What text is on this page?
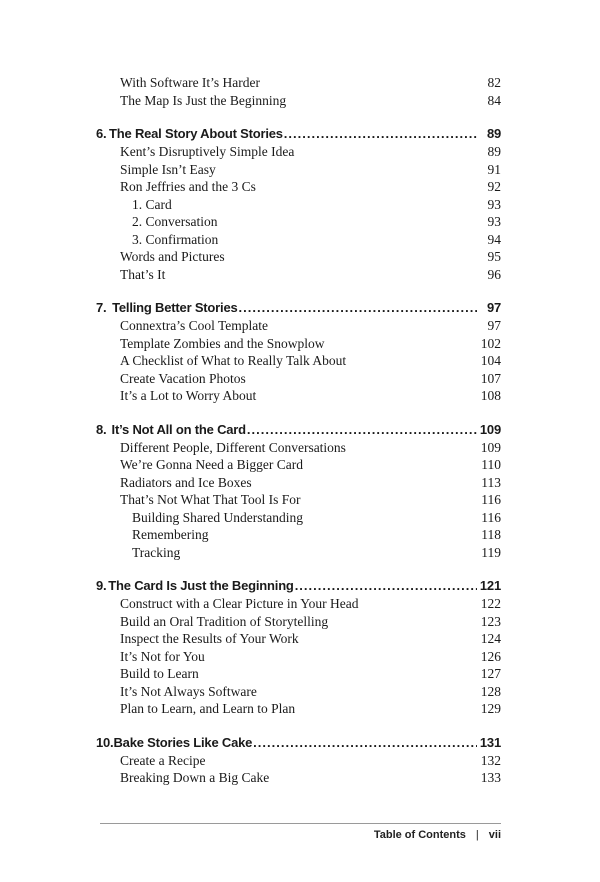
With Software It’s Harder	82
The Map Is Just the Beginning	84
6. The Real Story About Stories . . .	89
Kent’s Disruptively Simple Idea	89
Simple Isn’t Easy	91
Ron Jeffries and the 3 Cs	92
1. Card	93
2. Conversation	93
3. Confirmation	94
Words and Pictures	95
That’s It	96
7. Telling Better Stories . . .	97
Connextra’s Cool Template	97
Template Zombies and the Snowplow	102
A Checklist of What to Really Talk About	104
Create Vacation Photos	107
It’s a Lot to Worry About	108
8. It’s Not All on the Card . . .	109
Different People, Different Conversations	109
We’re Gonna Need a Bigger Card	110
Radiators and Ice Boxes	113
That’s Not What That Tool Is For	116
Building Shared Understanding	116
Remembering	118
Tracking	119
9. The Card Is Just the Beginning . . .	121
Construct with a Clear Picture in Your Head	122
Build an Oral Tradition of Storytelling	123
Inspect the Results of Your Work	124
It’s Not for You	126
Build to Learn	127
It’s Not Always Software	128
Plan to Learn, and Learn to Plan	129
10. Bake Stories Like Cake . . .	131
Create a Recipe	132
Breaking Down a Big Cake	133
Table of Contents | vii
